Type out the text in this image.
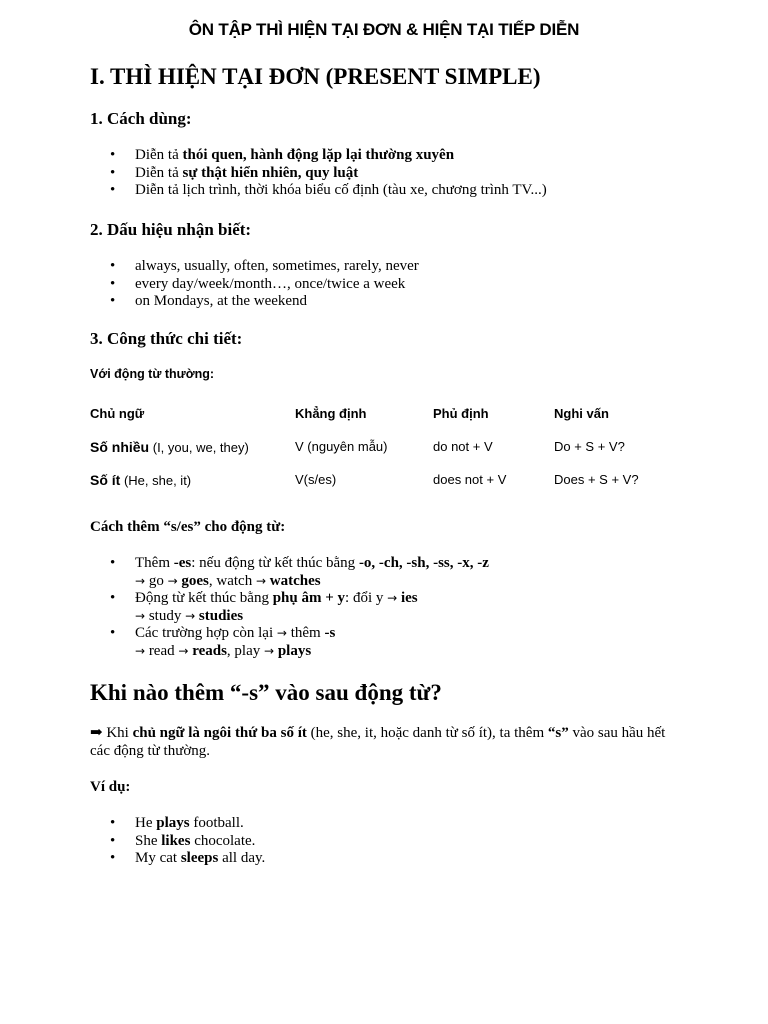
ÔN TẬP THÌ HIỆN TẠI ĐƠN & HIỆN TẠI TIẾP DIỄN
I. THÌ HIỆN TẠI ĐƠN (PRESENT SIMPLE)
1. Cách dùng:
• Diễn tả thói quen, hành động lặp lại thường xuyên
• Diễn tả sự thật hiển nhiên, quy luật
• Diễn tả lịch trình, thời khóa biểu cố định (tàu xe, chương trình TV...)
2. Dấu hiệu nhận biết:
• always, usually, often, sometimes, rarely, never
• every day/week/month…, once/twice a week
• on Mondays, at the weekend
3. Công thức chi tiết:
Với động từ thường:
Chủ ngữ	Khẳng định	Phủ định	Nghi vấn
Số nhiều (I, you, we, they)	V (nguyên mẫu)	do not + V	Do + S + V?
Số ít (He, she, it)	V(s/es)	does not + V	Does + S + V?
Cách thêm “s/es” cho động từ:
• Thêm -es: nếu động từ kết thúc bằng -o, -ch, -sh, -ss, -x, -z
→ go → goes, watch → watches
• Động từ kết thúc bằng phụ âm + y: đổi y → ies
→ study → studies
• Các trường hợp còn lại → thêm -s
→ read → reads, play → plays
Khi nào thêm “-s” vào sau động từ?
➡ Khi chủ ngữ là ngôi thứ ba số ít (he, she, it, hoặc danh từ số ít), ta thêm “s” vào sau hầu hết các động từ thường.
Ví dụ:
• He plays football.
• She likes chocolate.
• My cat sleeps all day.
